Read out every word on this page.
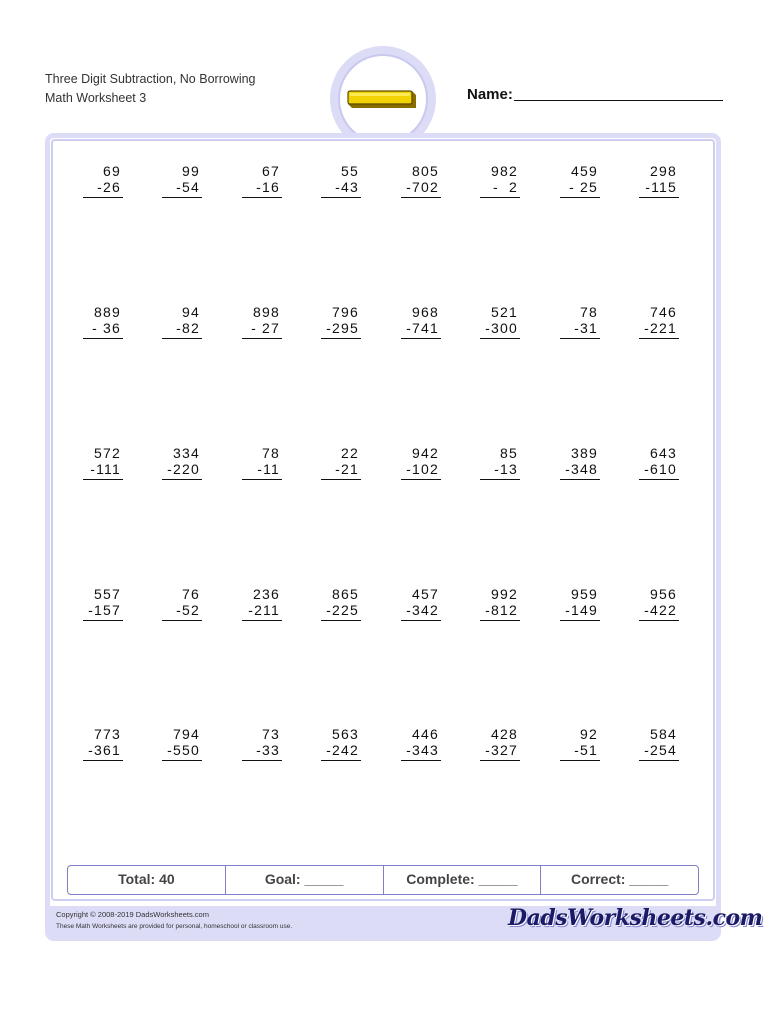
Three Digit Subtraction, No Borrowing
Math Worksheet 3	Name:
69
-26
99
-54
67
-16
55
-43
805
-702
982
-  2
459
- 25
298
-115
889
- 36
94
-82
898
- 27
796
-295
968
-741
521
-300
78
-31
746
-221
572
-111
334
-220
78
-11
22
-21
942
-102
85
-13
389
-348
643
-610
557
-157
76
-52
236
-211
865
-225
457
-342
992
-812
959
-149
956
-422
773
-361
794
-550
73
-33
563
-242
446
-343
428
-327
92
-51
584
-254
Total: 40	Goal: _____	Complete: _____	Correct: _____
Copyright © 2008-2019 DadsWorksheets.com
These Math Worksheets are provided for personal, homeschool or classroom use.	DadsWorksheets.com
